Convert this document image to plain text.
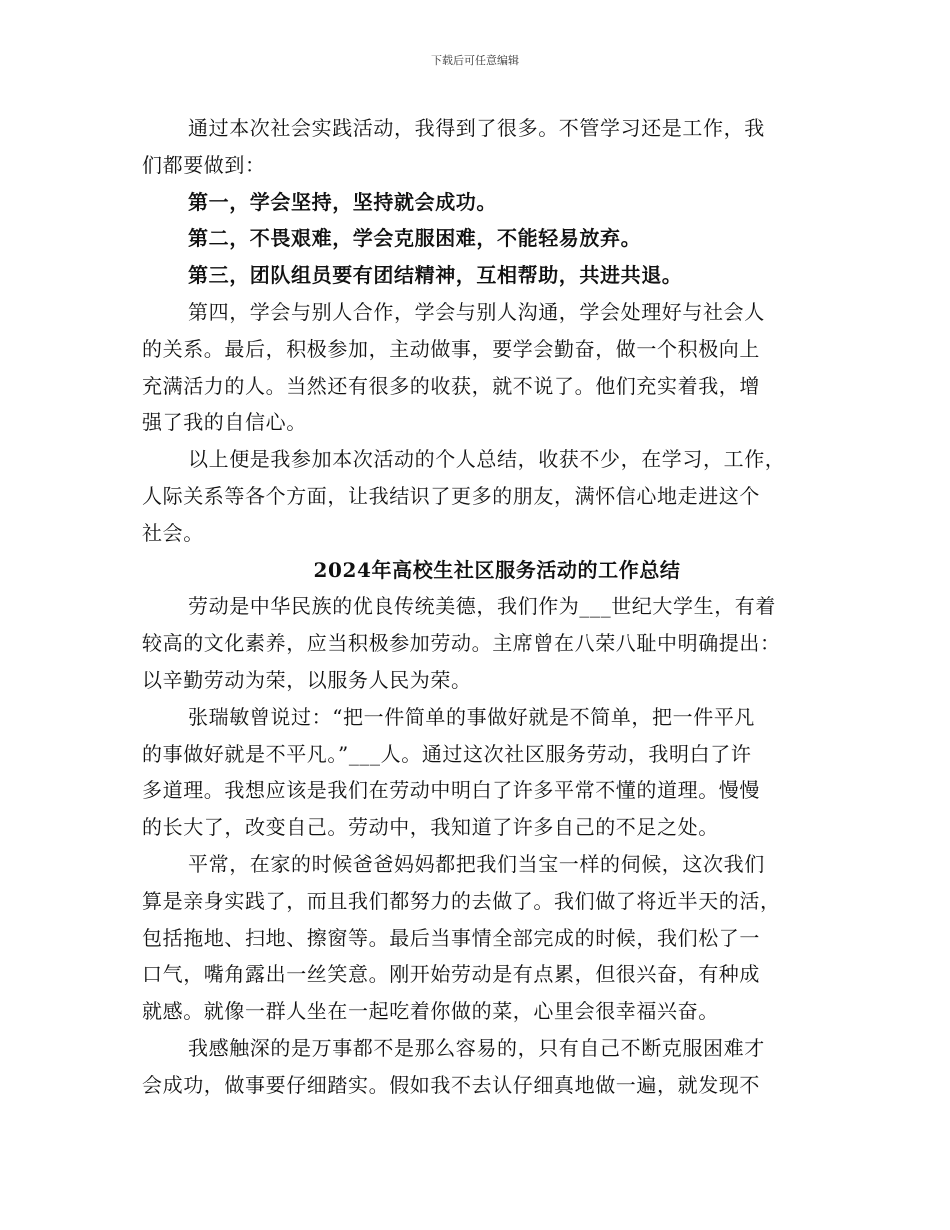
下载后可任意编辑
通过本次社会实践活动，我得到了很多。不管学习还是工作，我
们都要做到：
第一，学会坚持，坚持就会成功。
第二，不畏艰难，学会克服困难，不能轻易放弃。
第三，团队组员要有团结精神，互相帮助，共进共退。
第四，学会与别人合作，学会与别人沟通，学会处理好与社会人
的关系。最后，积极参加，主动做事，要学会勤奋，做一个积极向上
充满活力的人。当然还有很多的收获，就不说了。他们充实着我，增
强了我的自信心。
以上便是我参加本次活动的个人总结，收获不少，在学习，工作，
人际关系等各个方面，让我结识了更多的朋友，满怀信心地走进这个
社会。
2024年高校生社区服务活动的工作总结
劳动是中华民族的优良传统美德，我们作为___世纪大学生，有着
较高的文化素养，应当积极参加劳动。主席曾在八荣八耻中明确提出：
以辛勤劳动为荣，以服务人民为荣。
张瑞敏曾说过：“把一件简单的事做好就是不简单，把一件平凡
的事做好就是不平凡。”___人。通过这次社区服务劳动，我明白了许
多道理。我想应该是我们在劳动中明白了许多平常不懂的道理。慢慢
的长大了，改变自己。劳动中，我知道了许多自己的不足之处。
平常，在家的时候爸爸妈妈都把我们当宝一样的伺候，这次我们
算是亲身实践了，而且我们都努力的去做了。我们做了将近半天的活，
包括拖地、扫地、擦窗等。最后当事情全部完成的时候，我们松了一
口气，嘴角露出一丝笑意。刚开始劳动是有点累，但很兴奋，有种成
就感。就像一群人坐在一起吃着你做的菜，心里会很幸福兴奋。
我感触深的是万事都不是那么容易的，只有自己不断克服困难才
会成功，做事要仔细踏实。假如我不去认仔细真地做一遍，就发现不
